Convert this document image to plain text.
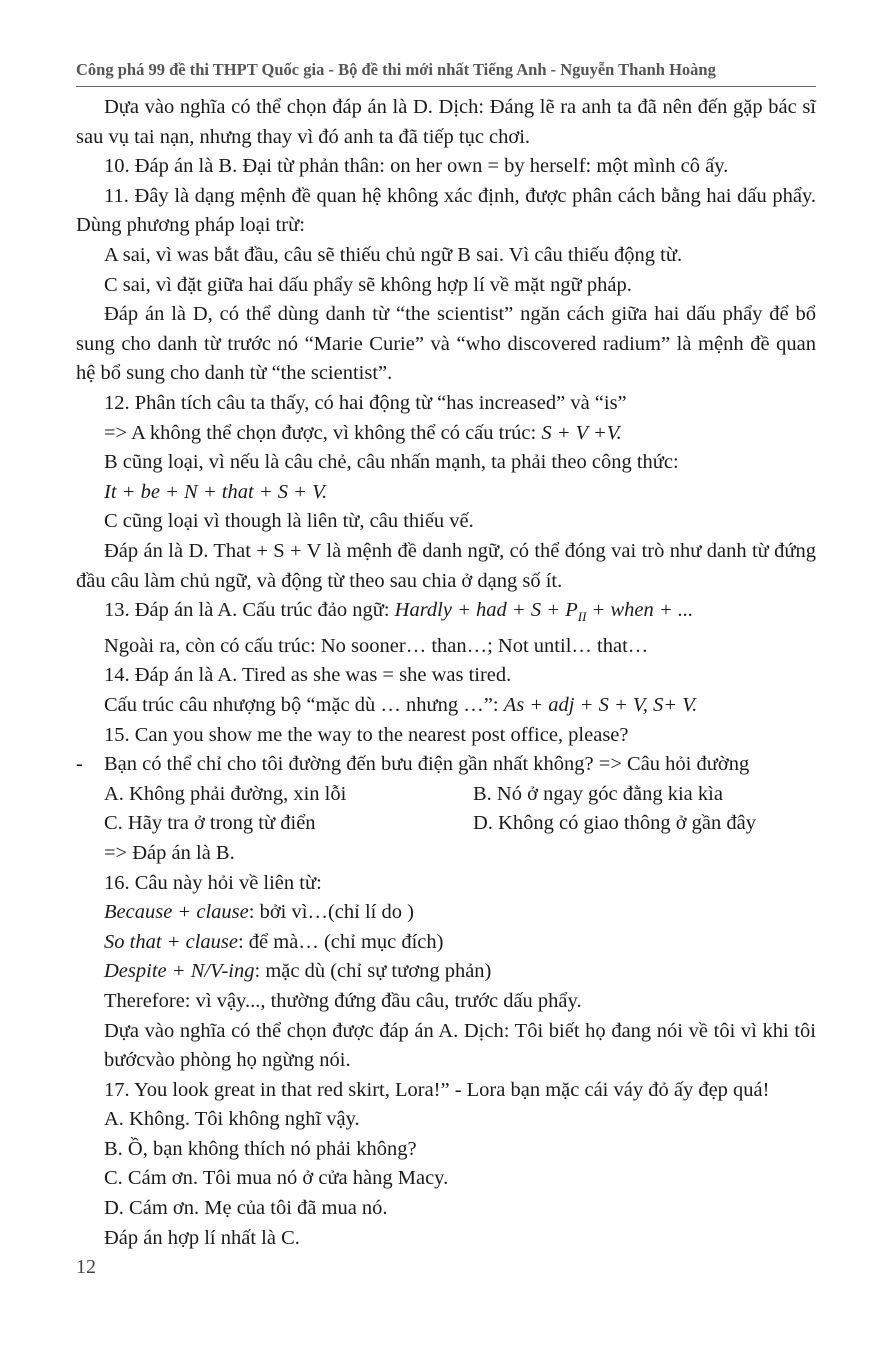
Công phá 99 đề thi THPT Quốc gia - Bộ đề thi mới nhất Tiếng Anh - Nguyễn Thanh Hoàng

Dựa vào nghĩa có thể chọn đáp án là D. Dịch: Đáng lẽ ra anh ta đã nên đến gặp bác sĩ sau vụ tai nạn, nhưng thay vì đó anh ta đã tiếp tục chơi.

10. Đáp án là B. Đại từ phản thân: on her own = by herself: một mình cô ấy.

11. Đây là dạng mệnh đề quan hệ không xác định, được phân cách bằng hai dấu phẩy. Dùng phương pháp loại trừ:

A sai, vì was bắt đầu, câu sẽ thiếu chủ ngữ B sai. Vì câu thiếu động từ.

C sai, vì đặt giữa hai dấu phẩy sẽ không hợp lí về mặt ngữ pháp.

Đáp án là D, có thể dùng danh từ “the scientist” ngăn cách giữa hai dấu phẩy để bổ sung cho danh từ trước nó “Marie Curie” và “who discovered radium” là mệnh đề quan hệ bổ sung cho danh từ “the scientist”.

12. Phân tích câu ta thấy, có hai động từ “has increased” và “is”

=> A không thể chọn được, vì không thể có cấu trúc: S + V +V.

B cũng loại, vì nếu là câu chẻ, câu nhấn mạnh, ta phải theo công thức:

It + be + N + that + S + V.

C cũng loại vì though là liên từ, câu thiếu vế.

Đáp án là D. That + S + V là mệnh đề danh ngữ, có thể đóng vai trò như danh từ đứng đầu câu làm chủ ngữ, và động từ theo sau chia ở dạng số ít.

13. Đáp án là A. Cấu trúc đảo ngữ: Hardly + had + $S + P_{II}$ + when + ...

Ngoài ra, còn có cấu trúc: No sooner… than…; Not until… that…

14. Đáp án là A. Tired as she was = she was tired.

Cấu trúc câu nhượng bộ “mặc dù … nhưng …”: As + adj + S + V, S+ V.

15. Can you show me the way to the nearest post office, please?

- Bạn có thể chỉ cho tôi đường đến bưu điện gần nhất không? => Câu hỏi đường

A. Không phải đường, xin lỗi	B. Nó ở ngay góc đằng kia kìa
C. Hãy tra ở trong từ điển	D. Không có giao thông ở gần đây

=> Đáp án là B.

16. Câu này hỏi về liên từ:

Because + clause: bởi vì…(chỉ lí do )

So that + clause: để mà… (chỉ mục đích)

Despite + N/V-ing: mặc dù (chỉ sự tương phản)

Therefore: vì vậy..., thường đứng đầu câu, trước dấu phẩy.

Dựa vào nghĩa có thể chọn được đáp án A. Dịch: Tôi biết họ đang nói về tôi vì khi tôi bướcvào phòng họ ngừng nói.

17. You look great in that red skirt, Lora!” - Lora bạn mặc cái váy đỏ ấy đẹp quá!

A. Không. Tôi không nghĩ vậy.

B. Ồ, bạn không thích nó phải không?

C. Cám ơn. Tôi mua nó ở cửa hàng Macy.

D. Cám ơn. Mẹ của tôi đã mua nó.

Đáp án hợp lí nhất là C.

12
